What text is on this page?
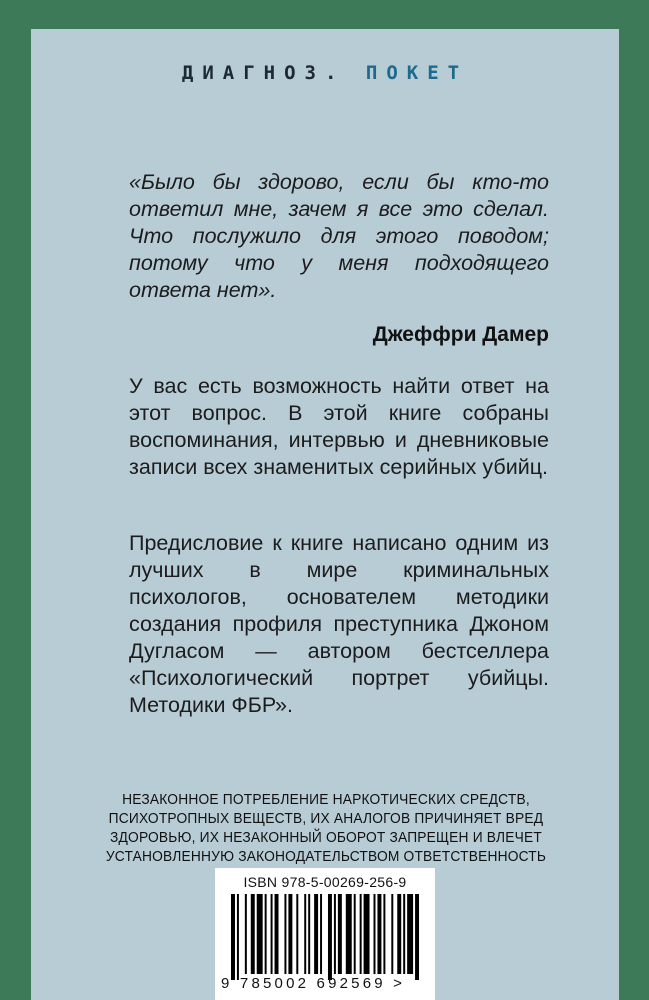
ДИАГНОЗ. ПОКЕТ
«Было бы здорово, если бы кто-то ответил мне, зачем я все это сделал. Что послужило для этого поводом; потому что у меня подходящего ответа нет».
Джеффри Дамер
У вас есть возможность найти ответ на этот вопрос. В этой книге собраны воспоминания, интервью и дневниковые записи всех знаменитых серийных убийц.
Предисловие к книге написано одним из лучших в мире криминальных психологов, основателем методики создания профиля преступника Джоном Дугласом — автором бестселлера «Психологический портрет убийцы. Методики ФБР».
НЕЗАКОННОЕ ПОТРЕБЛЕНИЕ НАРКОТИЧЕСКИХ СРЕДСТВ, ПСИХОТРОПНЫХ ВЕЩЕСТВ, ИХ АНАЛОГОВ ПРИЧИНЯЕТ ВРЕД ЗДОРОВЬЮ, ИХ НЕЗАКОННЫЙ ОБОРОТ ЗАПРЕЩЕН И ВЛЕЧЕТ УСТАНОВЛЕННУЮ ЗАКОНОДАТЕЛЬСТВОМ ОТВЕТСТВЕННОСТЬ
ISBN 978-5-00269-256-9
9 785002 692569 >
